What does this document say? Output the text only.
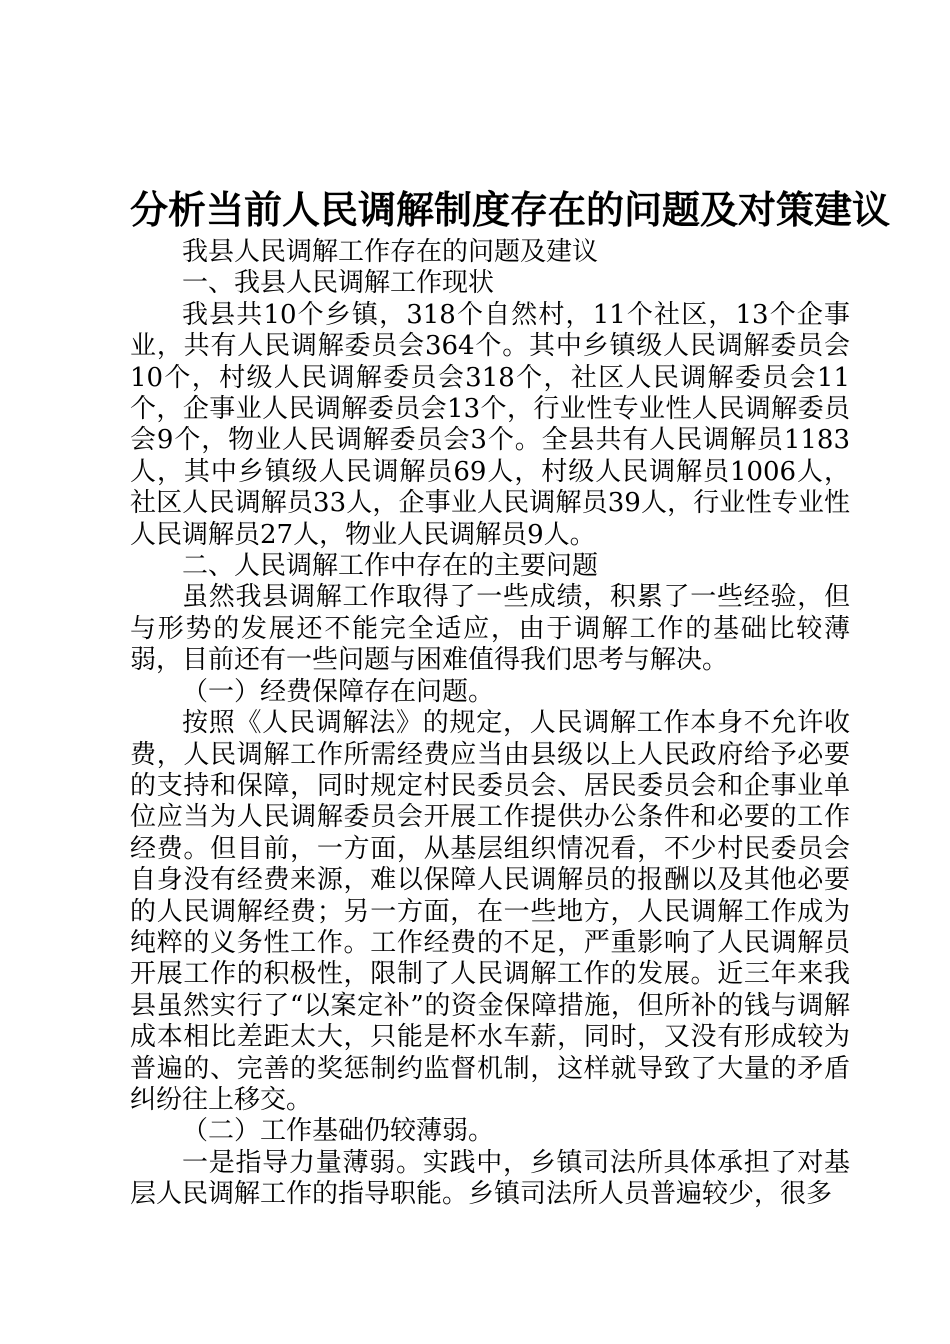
分析当前人民调解制度存在的问题及对策建议

我县人民调解工作存在的问题及建议

一、我县人民调解工作现状

我县共10个乡镇，318个自然村，11个社区，13个企事业，共有人民调解委员会364个。其中乡镇级人民调解委员会10个，村级人民调解委员会318个，社区人民调解委员会11个，企事业人民调解委员会13个，行业性专业性人民调解委员会9个，物业人民调解委员会3个。全县共有人民调解员1183人，其中乡镇级人民调解员69人，村级人民调解员1006人，社区人民调解员33人，企事业人民调解员39人，行业性专业性人民调解员27人，物业人民调解员9人。

二、人民调解工作中存在的主要问题

虽然我县调解工作取得了一些成绩，积累了一些经验，但与形势的发展还不能完全适应，由于调解工作的基础比较薄弱，目前还有一些问题与困难值得我们思考与解决。

（一）经费保障存在问题。

按照《人民调解法》的规定，人民调解工作本身不允许收费，人民调解工作所需经费应当由县级以上人民政府给予必要的支持和保障，同时规定村民委员会、居民委员会和企事业单位应当为人民调解委员会开展工作提供办公条件和必要的工作经费。但目前，一方面，从基层组织情况看，不少村民委员会自身没有经费来源，难以保障人民调解员的报酬以及其他必要的人民调解经费；另一方面，在一些地方，人民调解工作成为纯粹的义务性工作。工作经费的不足，严重影响了人民调解员开展工作的积极性，限制了人民调解工作的发展。近三年来我县虽然实行了“以案定补”的资金保障措施，但所补的钱与调解成本相比差距太大，只能是杯水车薪，同时，又没有形成较为普遍的、完善的奖惩制约监督机制，这样就导致了大量的矛盾纠纷往上移交。

（二）工作基础仍较薄弱。

一是指导力量薄弱。实践中，乡镇司法所具体承担了对基层人民调解工作的指导职能。乡镇司法所人员普遍较少，很多
